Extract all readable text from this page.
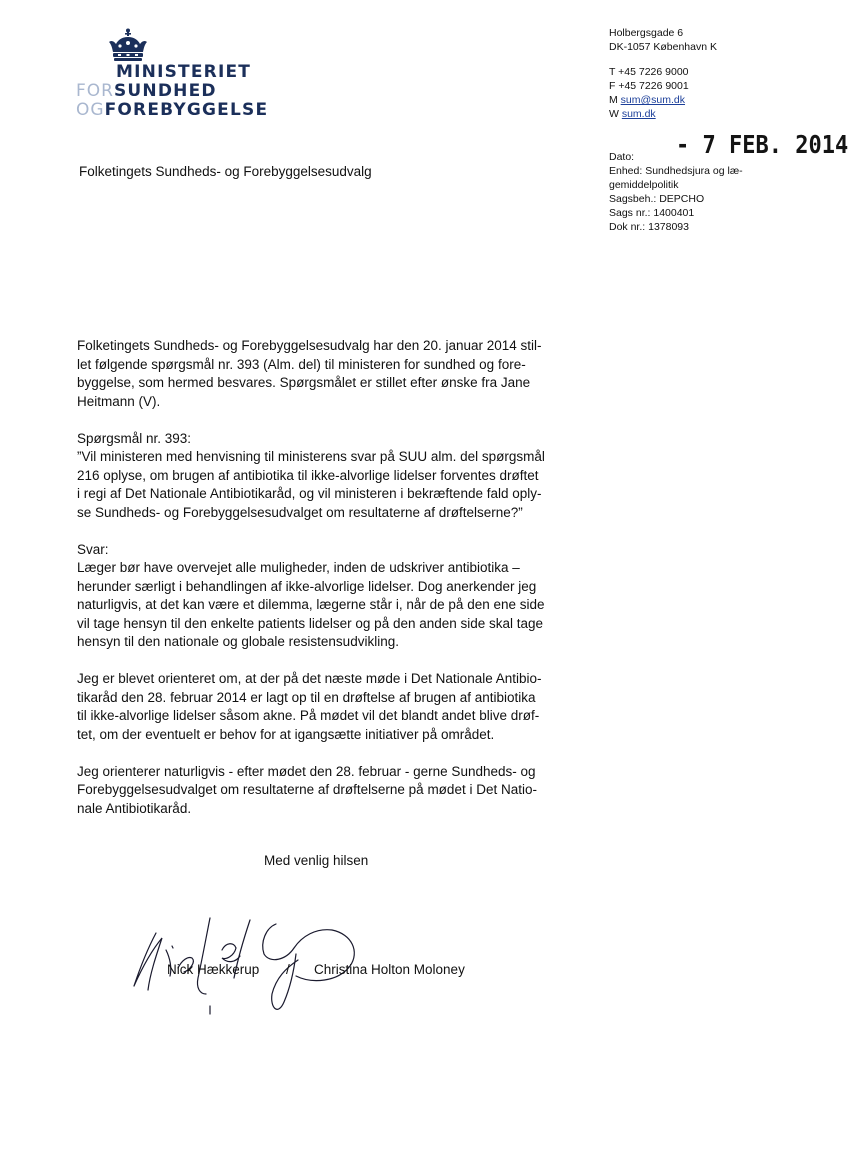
MINISTERIET
FORSUNDHED
OGFOREBYGGELSE
Holbergsgade 6
DK-1057 København K
T +45 7226 9000
F +45 7226 9001
M sum@sum.dk
W sum.dk
- 7 FEB. 2014
Dato:
Enhed: Sundhedsjura og læ-
gemiddelpolitik
Sagsbeh.: DEPCHO
Sags nr.: 1400401
Dok nr.: 1378093
Folketingets Sundheds- og Forebyggelsesudvalg
Folketingets Sundheds- og Forebyggelsesudvalg har den 20. januar 2014 stil-
let følgende spørgsmål nr. 393 (Alm. del) til ministeren for sundhed og fore-
byggelse, som hermed besvares. Spørgsmålet er stillet efter ønske fra Jane
Heitmann (V).
Spørgsmål nr. 393:
”Vil ministeren med henvisning til ministerens svar på SUU alm. del spørgsmål
216 oplyse, om brugen af antibiotika til ikke-alvorlige lidelser forventes drøftet
i regi af Det Nationale Antibiotikaråd, og vil ministeren i bekræftende fald oply-
se Sundheds- og Forebyggelsesudvalget om resultaterne af drøftelserne?”
Svar:
Læger bør have overvejet alle muligheder, inden de udskriver antibiotika –
herunder særligt i behandlingen af ikke-alvorlige lidelser. Dog anerkender jeg
naturligvis, at det kan være et dilemma, lægerne står i, når de på den ene side
vil tage hensyn til den enkelte patients lidelser og på den anden side skal tage
hensyn til den nationale og globale resistensudvikling.
Jeg er blevet orienteret om, at der på det næste møde i Det Nationale Antibio-
tikaråd den 28. februar 2014 er lagt op til en drøftelse af brugen af antibiotika
til ikke-alvorlige lidelser såsom akne. På mødet vil det blandt andet blive drøf-
tet, om der eventuelt er behov for at igangsætte initiativer på området.
Jeg orienterer naturligvis - efter mødet den 28. februar - gerne Sundheds- og
Forebyggelsesudvalget om resultaterne af drøftelserne på mødet i Det Natio-
nale Antibiotikaråd.
Med venlig hilsen
Nick Hækkerup / Christina Holton Moloney
